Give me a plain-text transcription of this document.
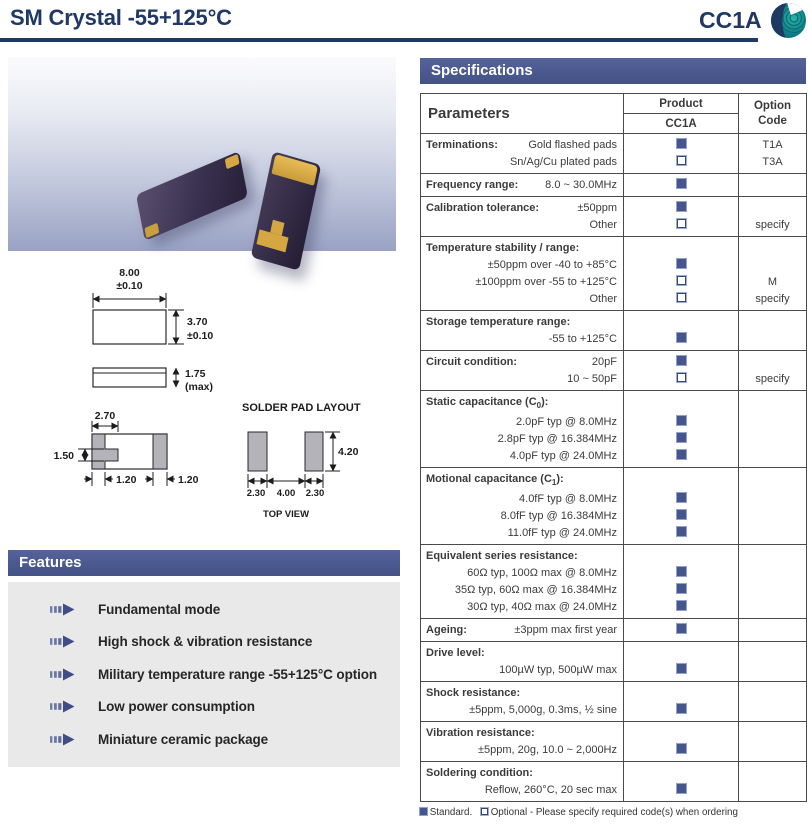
SM Crystal -55+125°C	CC1A
8.00
±0.10
3.70
±0.10
1.75
(max)
2.70
1.50
1.20	1.20
SOLDER PAD LAYOUT
4.20
2.30 4.00 2.30
TOP VIEW
Features
Fundamental mode
High shock & vibration resistance
Military temperature range -55+125°C option
Low power consumption
Miniature ceramic package
Specifications
Parameters	Product	Option Code

	CC1A	

Terminations: Gold flashed pads		T1A
Sn/Ag/Cu plated pads		T3A

Frequency range: 8.0 ~ 30.0MHz		

Calibration tolerance: ±50ppm		
Other		specify

Temperature stability / range:		

±50ppm over -40 to +85°C		
±100ppm over -55 to +125°C		M
Other		specify

Storage temperature range:		

-55 to +125°C		

Circuit condition: 20pF		
10 ~ 50pF		specify

Static capacitance $(C_0)$:		

2.0pF typ @ 8.0MHz		
2.8pF typ @ 16.384MHz		
4.0pF typ @ 24.0MHz		

Motional capacitance $(C_1)$:		

4.0fF typ @ 8.0MHz		
8.0fF typ @ 16.384MHz		
11.0fF typ @ 24.0MHz		

Equivalent series resistance:		

60Ω typ, 100Ω max @ 8.0MHz		
35Ω typ, 60Ω max @ 16.384MHz		
30Ω typ, 40Ω max @ 24.0MHz		

Ageing: ±3ppm max first year		

Drive level:		

100µW typ, 500µW max		

Shock resistance:		

±5ppm, 5,000g, 0.3ms, ½ sine		

Vibration resistance:		

±5ppm, 20g, 10.0 ~ 2,000Hz		

Soldering condition:		

Reflow, 260°C, 20 sec max		
Standard. Optional - Please specify required code(s) when ordering
